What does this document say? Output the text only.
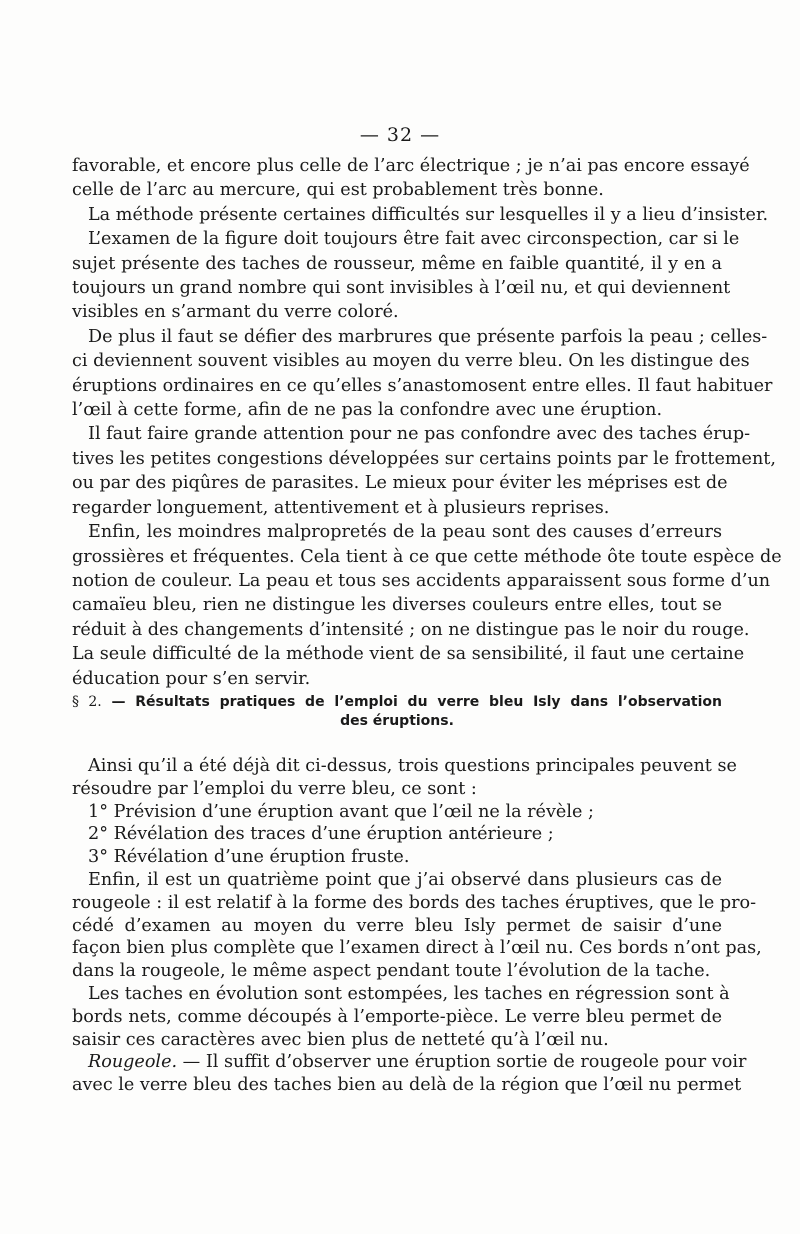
— 32 —
favorable, et encore plus celle de l’arc électrique ; je n’ai pas encore essayé
celle de l’arc au mercure, qui est probablement très bonne.
La méthode présente certaines difficultés sur lesquelles il y a lieu d’insister.
L’examen de la figure doit toujours être fait avec circonspection, car si le
sujet présente des taches de rousseur, même en faible quantité, il y en a
toujours un grand nombre qui sont invisibles à l’œil nu, et qui deviennent
visibles en s’armant du verre coloré.
De plus il faut se défier des marbrures que présente parfois la peau ; celles-
ci deviennent souvent visibles au moyen du verre bleu. On les distingue des
éruptions ordinaires en ce qu’elles s’anastomosent entre elles. Il faut habituer
l’œil à cette forme, afin de ne pas la confondre avec une éruption.
Il faut faire grande attention pour ne pas confondre avec des taches érup-
tives les petites congestions développées sur certains points par le frottement,
ou par des piqûres de parasites. Le mieux pour éviter les méprises est de
regarder longuement, attentivement et à plusieurs reprises.
Enfin, les moindres malpropretés de la peau sont des causes d’erreurs
grossières et fréquentes. Cela tient à ce que cette méthode ôte toute espèce de
notion de couleur. La peau et tous ses accidents apparaissent sous forme d’un
camaïeu bleu, rien ne distingue les diverses couleurs entre elles, tout se
réduit à des changements d’intensité ; on ne distingue pas le noir du rouge.
La seule difficulté de la méthode vient de sa sensibilité, il faut une certaine
éducation pour s’en servir.
§ 2. — Résultats pratiques de l’emploi du verre bleu Isly dans l’observation
des éruptions.
Ainsi qu’il a été déjà dit ci-dessus, trois questions principales peuvent se
résoudre par l’emploi du verre bleu, ce sont :
1° Prévision d’une éruption avant que l’œil ne la révèle ;
2° Révélation des traces d’une éruption antérieure ;
3° Révélation d’une éruption fruste.
Enfin, il est un quatrième point que j’ai observé dans plusieurs cas de
rougeole : il est relatif à la forme des bords des taches éruptives, que le pro-
cédé d’examen au moyen du verre bleu Isly permet de saisir d’une
façon bien plus complète que l’examen direct à l’œil nu. Ces bords n’ont pas,
dans la rougeole, le même aspect pendant toute l’évolution de la tache.
Les taches en évolution sont estompées, les taches en régression sont à
bords nets, comme découpés à l’emporte-pièce. Le verre bleu permet de
saisir ces caractères avec bien plus de netteté qu’à l’œil nu.
Rougeole. — Il suffit d’observer une éruption sortie de rougeole pour voir
avec le verre bleu des taches bien au delà de la région que l’œil nu permet
